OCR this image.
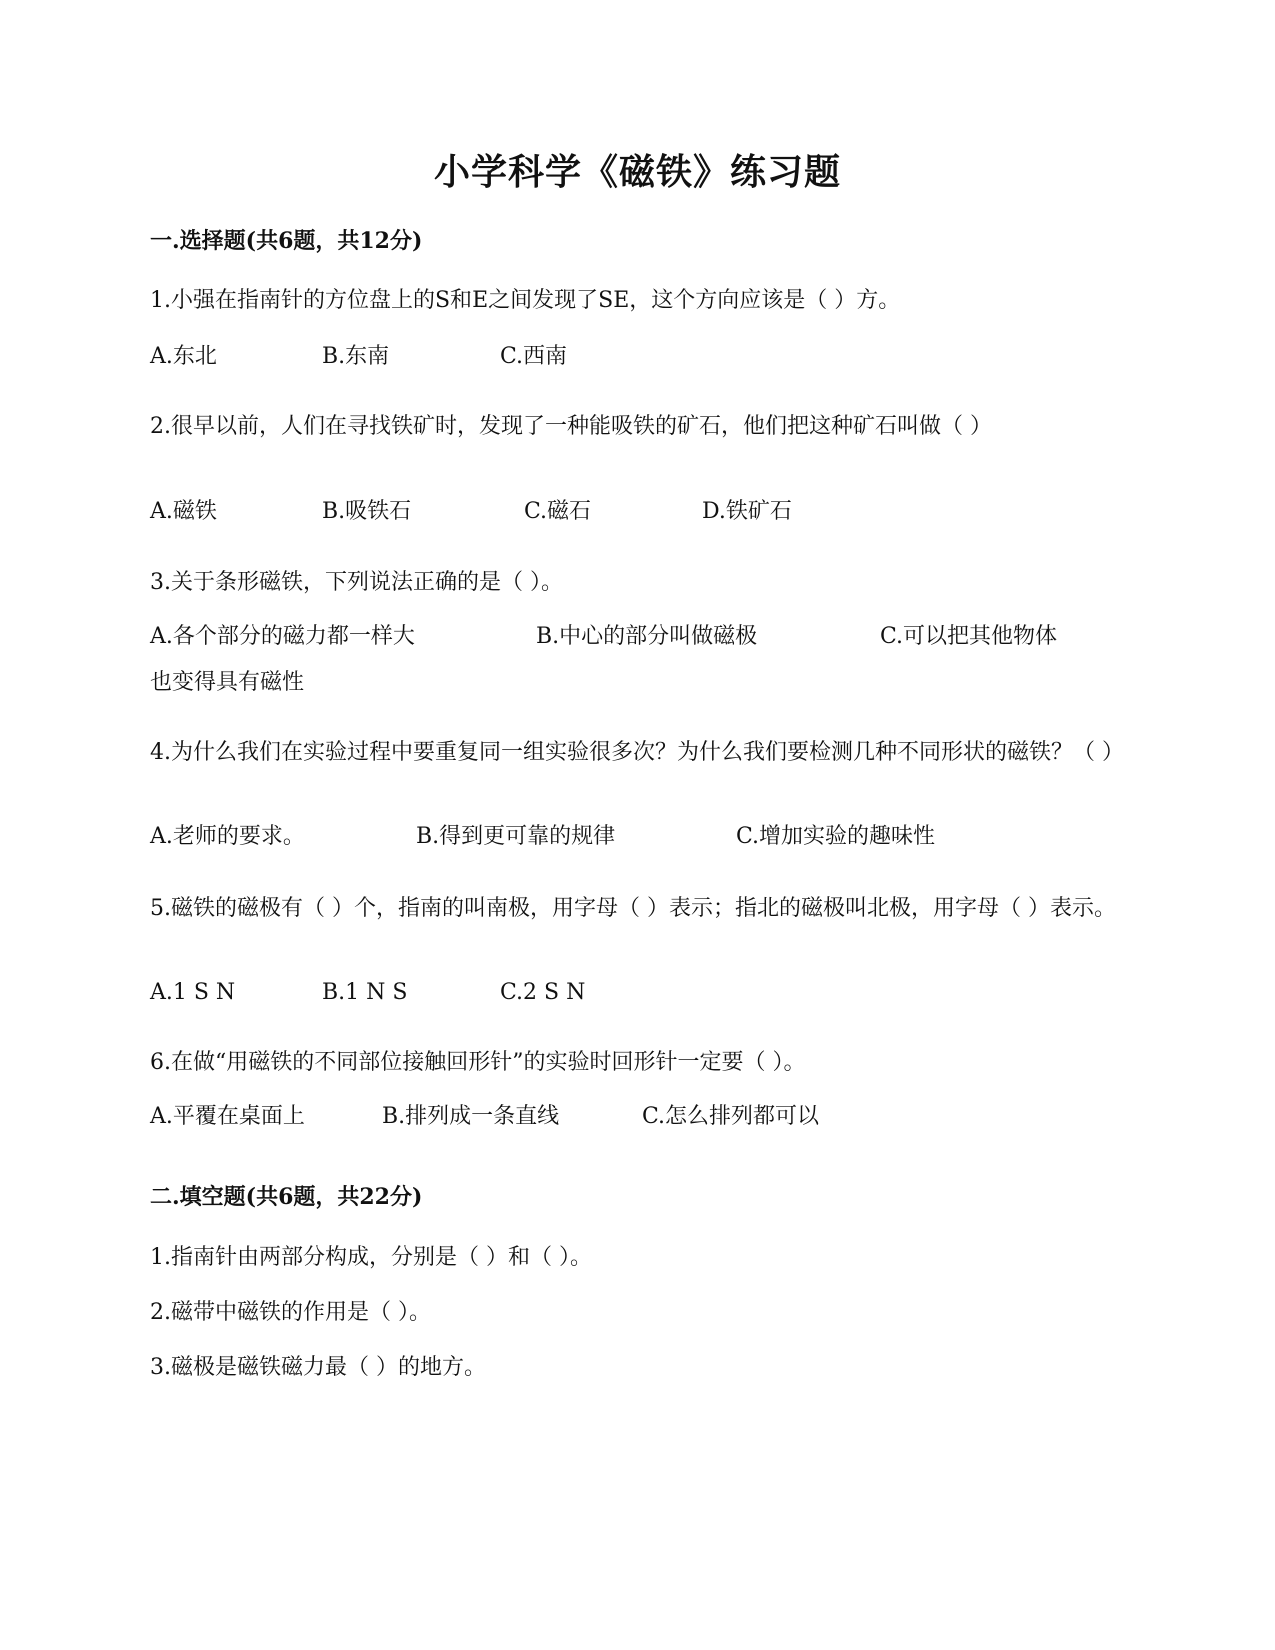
小学科学《磁铁》练习题
一.选择题(共6题，共12分)
1.小强在指南针的方位盘上的S和E之间发现了SE，这个方向应该是（ ）方。
A.东北	B.东南	C.西南
2.很早以前，人们在寻找铁矿时，发现了一种能吸铁的矿石，他们把这种矿石叫做（ ）
A.磁铁	B.吸铁石	C.磁石	D.铁矿石
3.关于条形磁铁，下列说法正确的是（ ）。
A.各个部分的磁力都一样大	B.中心的部分叫做磁极	C.可以把其他物体
也变得具有磁性
4.为什么我们在实验过程中要重复同一组实验很多次？为什么我们要检测几种不同形状的磁铁？（ ）
A.老师的要求。	B.得到更可靠的规律	C.增加实验的趣味性
5.磁铁的磁极有（ ）个，指南的叫南极，用字母（ ）表示；指北的磁极叫北极，用字母（ ）表示。
A.1 S N	B.1 N S	C.2 S N
6.在做“用磁铁的不同部位接触回形针”的实验时回形针一定要（ ）。
A.平覆在桌面上	B.排列成一条直线	C.怎么排列都可以
二.填空题(共6题，共22分)
1.指南针由两部分构成，分别是（ ）和（ ）。
2.磁带中磁铁的作用是（ ）。
3.磁极是磁铁磁力最（ ）的地方。
